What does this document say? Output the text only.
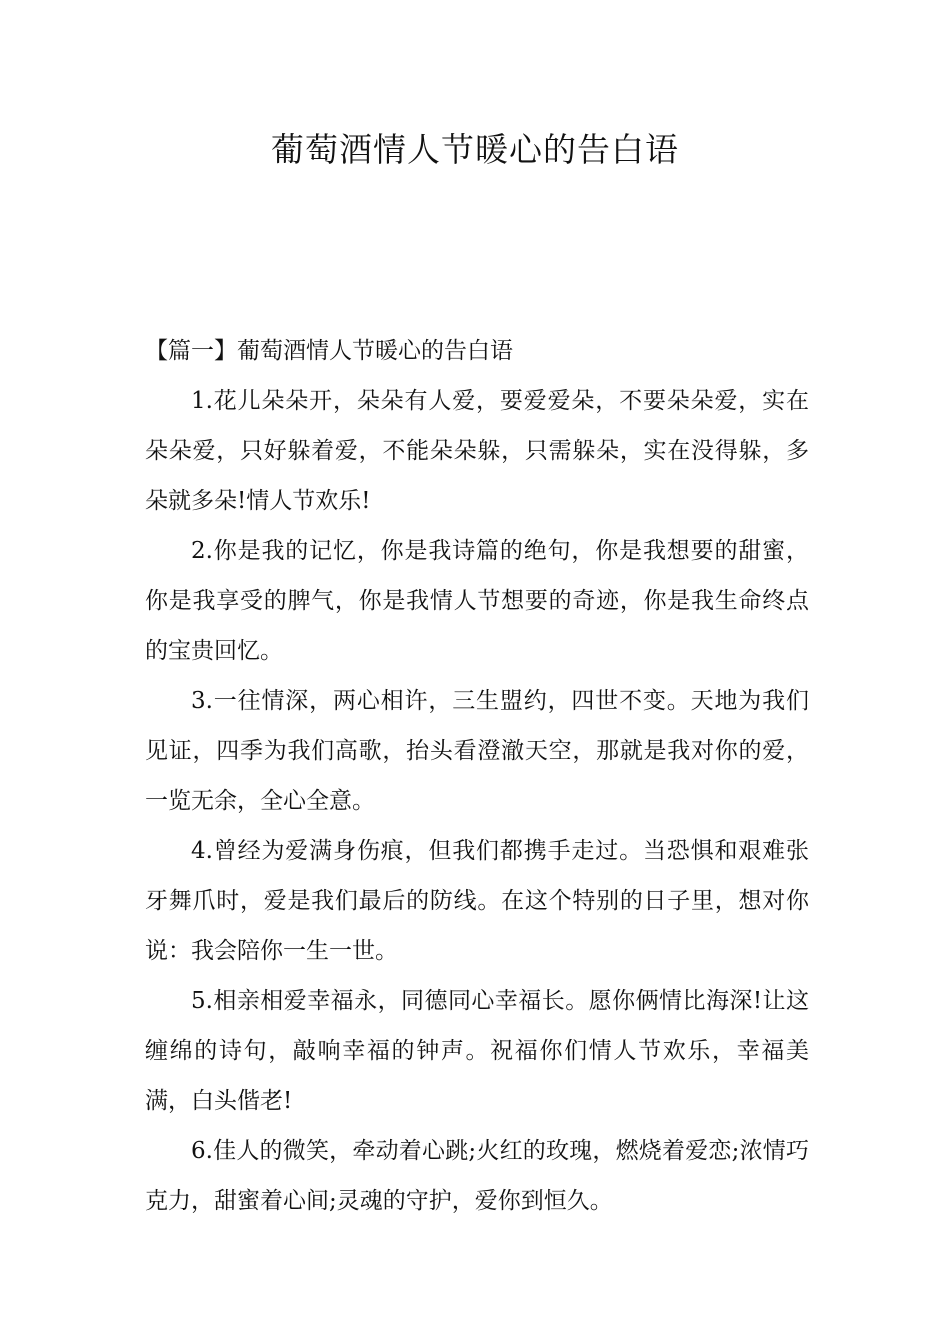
葡萄酒情人节暖心的告白语

【篇一】葡萄酒情人节暖心的告白语

1.花儿朵朵开，朵朵有人爱，要爱爱朵，不要朵朵爱，实在朵朵爱，只好躲着爱，不能朵朵躲，只需躲朵，实在没得躲，多朵就多朵!情人节欢乐!

2.你是我的记忆，你是我诗篇的绝句，你是我想要的甜蜜，你是我享受的脾气，你是我情人节想要的奇迹，你是我生命终点的宝贵回忆。

3.一往情深，两心相许，三生盟约，四世不变。天地为我们见证，四季为我们高歌，抬头看澄澈天空，那就是我对你的爱，一览无余，全心全意。

4.曾经为爱满身伤痕，但我们都携手走过。当恐惧和艰难张牙舞爪时，爱是我们最后的防线。在这个特别的日子里，想对你说：我会陪你一生一世。

5.相亲相爱幸福永，同德同心幸福长。愿你俩情比海深!让这缠绵的诗句，敲响幸福的钟声。祝福你们情人节欢乐，幸福美满，白头偕老!

6.佳人的微笑，牵动着心跳;火红的玫瑰，燃烧着爱恋;浓情巧克力，甜蜜着心间;灵魂的守护，爱你到恒久。
